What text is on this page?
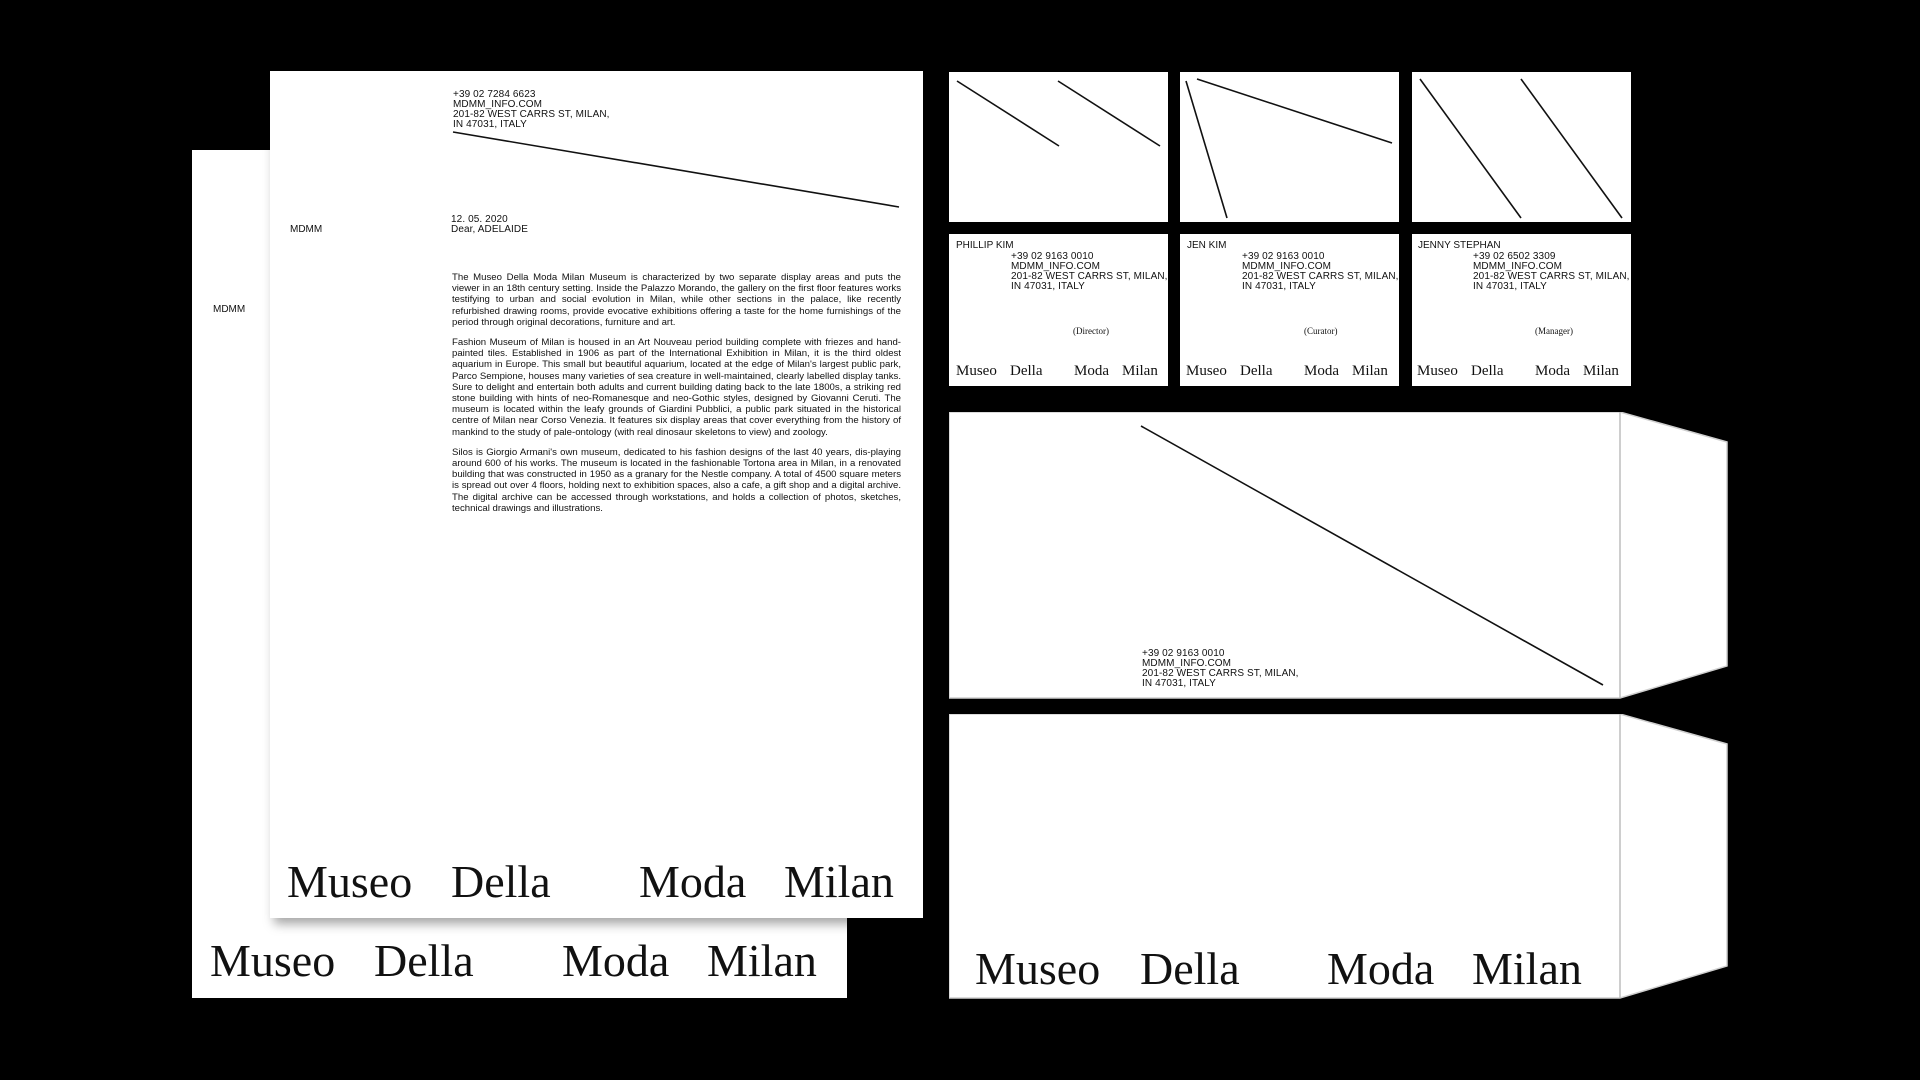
MDMM
Museo Della Moda Milan
+39 02 7284 6623
MDMM_INFO.COM
201-82 WEST CARRS ST, MILAN,
IN 47031, ITALY
MDMM
12. 05. 2020
Dear, ADELAIDE

The Museo Della Moda Milan Museum is characterized by two separate display areas and puts the viewer in an 18th century setting. Inside the Palazzo Morando, the gallery on the first floor features works testifying to urban and social evolution in Milan, while other sections in the palace, like recently refurbished drawing rooms, provide evocative exhibitions offering a taste for the home furnishings of the period through original decorations, furniture and art.

Fashion Museum of Milan is housed in an Art Nouveau period building complete with friezes and hand-painted tiles. Established in 1906 as part of the International Exhibition in Milan, it is the third oldest aquarium in Europe. This small but beautiful aquarium, located at the edge of Milan's largest public park, Parco Sempione, houses many varieties of sea creature in well-maintained, clearly labelled display tanks. Sure to delight and entertain both adults and current building dating back to the late 1800s, a striking red stone building with hints of neo-Romanesque and neo-Gothic styles, designed by Giovanni Ceruti. The museum is located within the leafy grounds of Giardini Pubblici, a public park situated in the historical centre of Milan near Corso Venezia. It features six display areas that cover everything from the history of mankind to the study of pale-ontology (with real dinosaur skeletons to view) and zoology.

Silos is Giorgio Armani's own museum, dedicated to his fashion designs of the last 40 years, dis-playing around 600 of his works. The museum is located in the fashionable Tortona area in Milan, in a renovated building that was constructed in 1950 as a granary for the Nestle company. A total of 4500 square meters is spread out over 4 floors, holding next to exhibition spaces, also a cafe, a gift shop and a digital archive. The digital archive can be accessed through workstations, and holds a collection of photos, sketches, technical drawings and illustrations.

Museo Della Moda Milan
PHILLIP KIM
+39 02 9163 0010
MDMM_INFO.COM
201-82 WEST CARRS ST, MILAN,
IN 47031, ITALY
(Director)
Museo Della Moda Milan
JEN KIM
+39 02 9163 0010
MDMM_INFO.COM
201-82 WEST CARRS ST, MILAN,
IN 47031, ITALY
(Curator)
Museo Della Moda Milan
JENNY STEPHAN
+39 02 6502 3309
MDMM_INFO.COM
201-82 WEST CARRS ST, MILAN,
IN 47031, ITALY
(Manager)
Museo Della Moda Milan
+39 02 9163 0010
MDMM_INFO.COM
201-82 WEST CARRS ST, MILAN,
IN 47031, ITALY
Museo Della Moda Milan
